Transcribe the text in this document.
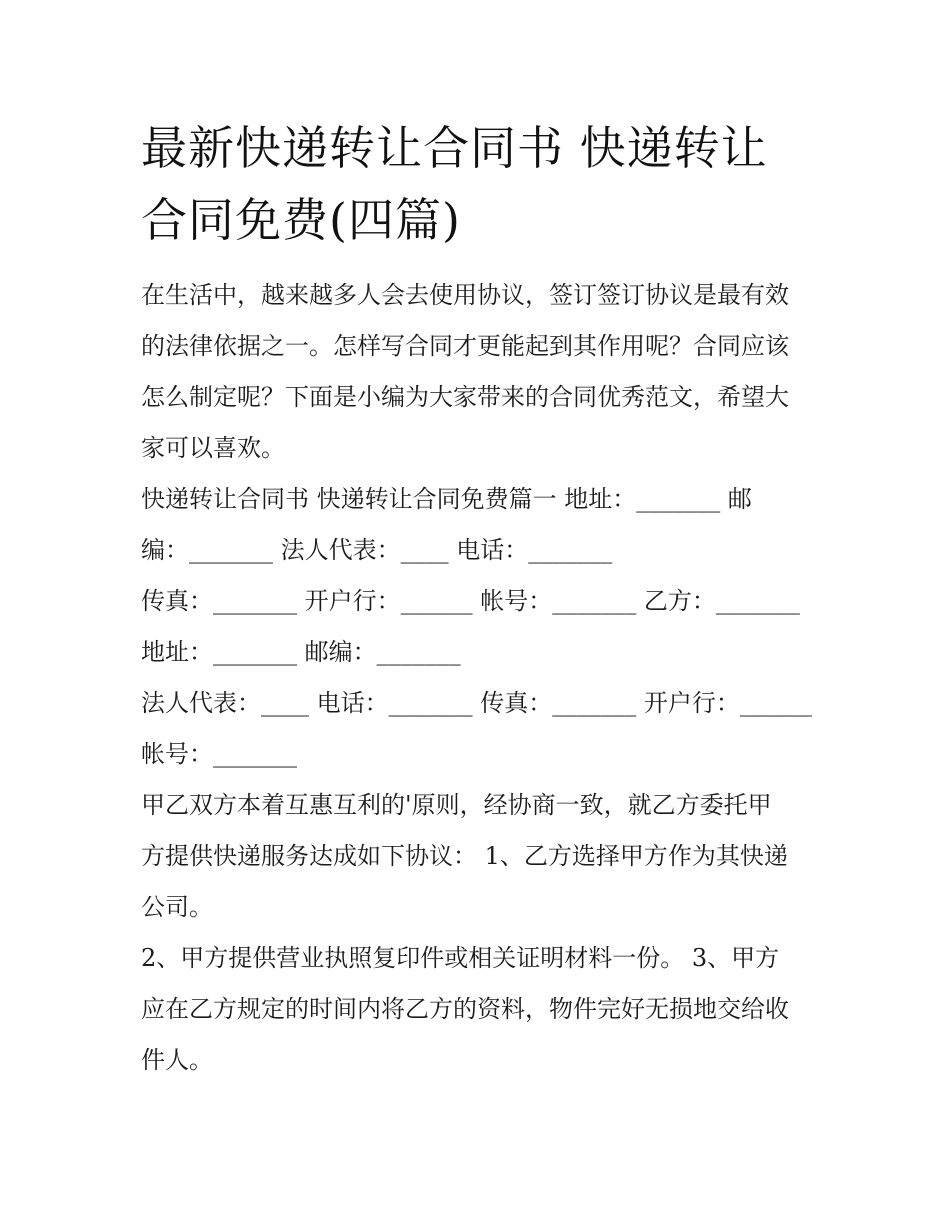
最新快递转让合同书 快递转让
合同免费(四篇)

在生活中，越来越多人会去使用协议，签订签订协议是最有效
的法律依据之一。怎样写合同才更能起到其作用呢？合同应该
怎么制定呢？下面是小编为大家带来的合同优秀范文，希望大
家可以喜欢。

快递转让合同书 快递转让合同免费篇一 地址：_______ 邮
编：_______ 法人代表：____ 电话：_______

传真：_______ 开户行：______ 帐号：_______ 乙方：_______
地址：_______ 邮编：_______

法人代表：____ 电话：_______ 传真：_______ 开户行：______
帐号：_______

甲乙双方本着互惠互利的'原则，经协商一致，就乙方委托甲
方提供快递服务达成如下协议： 1、乙方选择甲方作为其快递
公司。

2、甲方提供营业执照复印件或相关证明材料一份。 3、甲方
应在乙方规定的时间内将乙方的资料，物件完好无损地交给收
件人。
